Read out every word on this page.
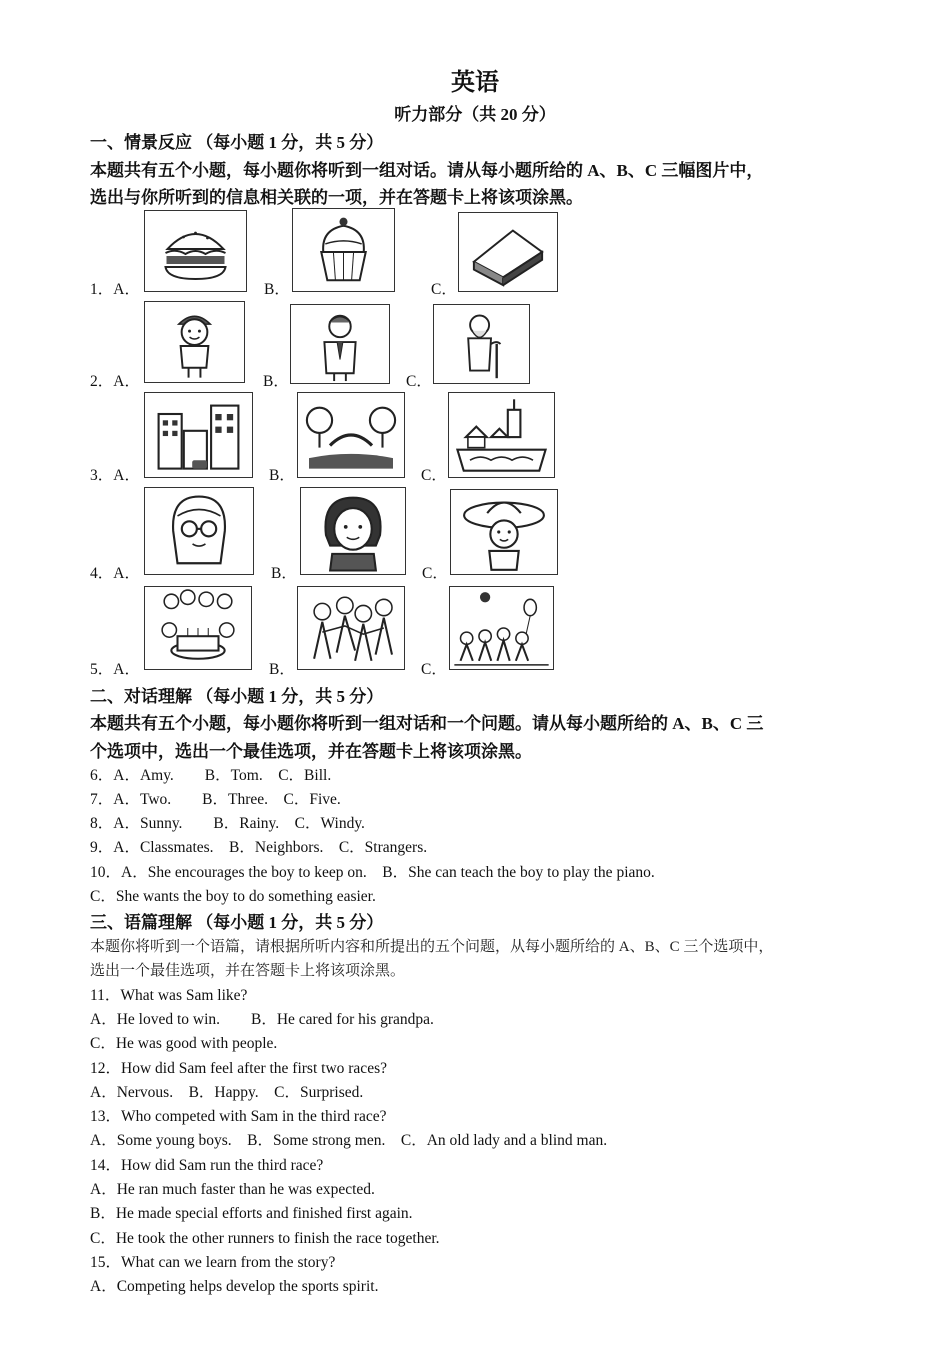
英语
听力部分（共 20 分）
一、情景反应 （每小题 1 分，共 5 分）
本题共有五个小题，每小题你将听到一组对话。请从每小题所给的 A、B、C 三幅图片中，
选出与你所听到的信息相关联的一项，并在答题卡上将该项涂黑。
1．A．	B．	C．
2．A．	B．	C．
3．A．	B．	C．
4．A．	B．	C．
5．A．	B．	C．
二、对话理解 （每小题 1 分，共 5 分）
本题共有五个小题，每小题你将听到一组对话和一个问题。请从每小题所给的 A、B、C 三
个选项中，选出一个最佳选项，并在答题卡上将该项涂黑。
6．A．Amy.　　B．Tom.　C．Bill.
7．A．Two.　　B．Three.　C．Five.
8．A．Sunny.　　B．Rainy.　C．Windy.
9．A．Classmates.　B．Neighbors.　C．Strangers.
10．A．She encourages the boy to keep on.　B．She can teach the boy to play the piano.
C．She wants the boy to do something easier.
三、语篇理解 （每小题 1 分，共 5 分）
本题你将听到一个语篇，请根据所听内容和所提出的五个问题，从每小题所给的 A、B、C 三个选项中，
选出一个最佳选项，并在答题卡上将该项涂黑。
11．What was Sam like?
A．He loved to win.　　B．He cared for his grandpa.
C．He was good with people.
12．How did Sam feel after the first two races?
A．Nervous.　B．Happy.　C．Surprised.
13．Who competed with Sam in the third race?
A．Some young boys.　B．Some strong men.　C．An old lady and a blind man.
14．How did Sam run the third race?
A．He ran much faster than he was expected.
B．He made special efforts and finished first again.
C．He took the other runners to finish the race together.
15．What can we learn from the story?
A．Competing helps develop the sports spirit.
